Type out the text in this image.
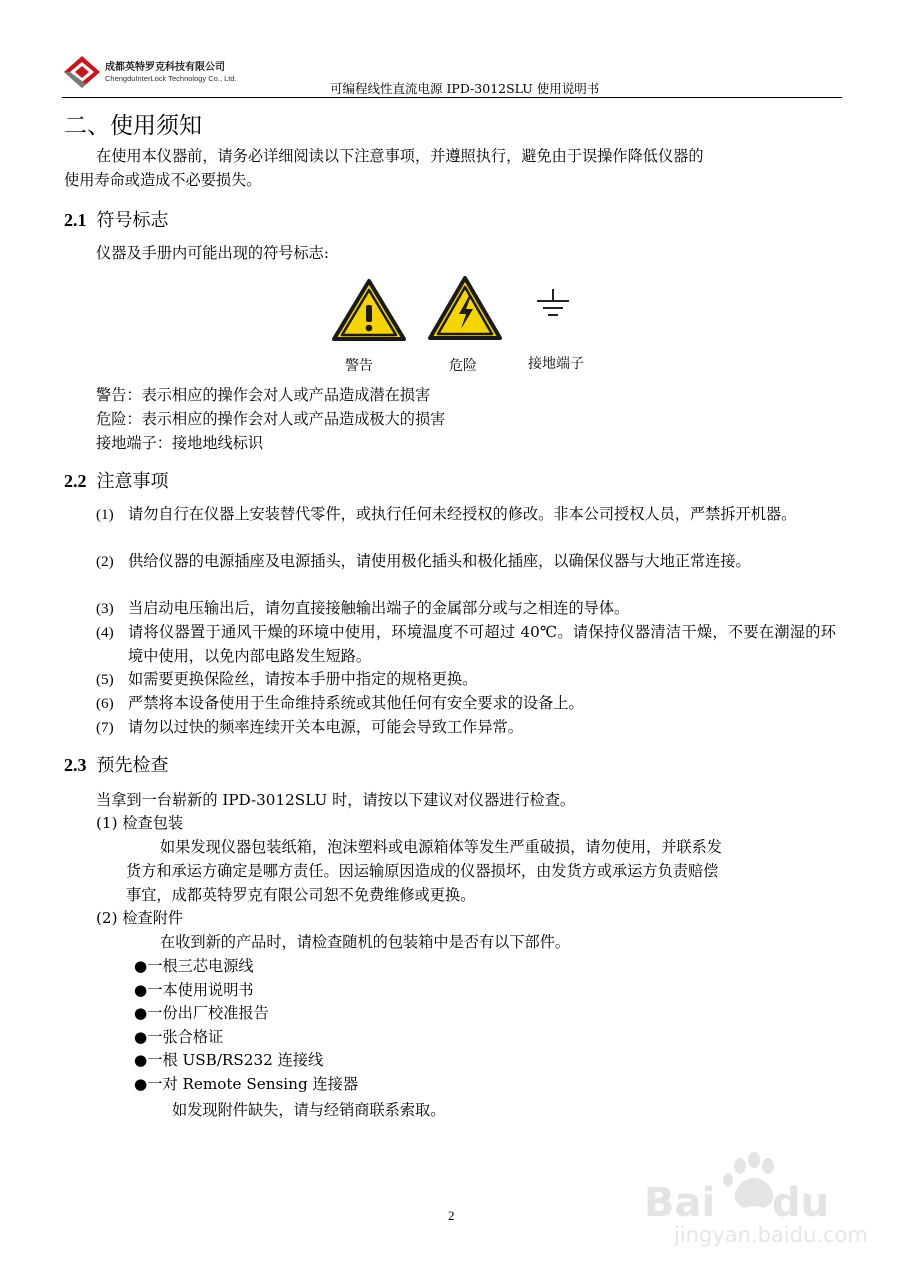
成都英特罗克科技有限公司
ChengduInterLock Technology Co., Ltd.
可编程线性直流电源 IPD-3012SLU 使用说明书
二、使用须知
在使用本仪器前，请务必详细阅读以下注意事项，并遵照执行，避免由于误操作降低仪器的
使用寿命或造成不必要损失。
2.1 符号标志
仪器及手册内可能出现的符号标志:
警告	危险	接地端子
警告：表示相应的操作会对人或产品造成潜在损害
危险：表示相应的操作会对人或产品造成极大的损害
接地端子：接地地线标识
2.2 注意事项
(1) 请勿自行在仪器上安装替代零件，或执行任何未经授权的修改。非本公司授权人员，严禁拆开机器。
(2) 供给仪器的电源插座及电源插头，请使用极化插头和极化插座，以确保仪器与大地正常连接。
(3) 当启动电压输出后，请勿直接接触输出端子的金属部分或与之相连的导体。
(4) 请将仪器置于通风干燥的环境中使用，环境温度不可超过 40℃。请保持仪器清洁干燥，不要在潮湿的环境中使用，以免内部电路发生短路。
(5) 如需要更换保险丝，请按本手册中指定的规格更换。
(6) 严禁将本设备使用于生命维持系统或其他任何有安全要求的设备上。
(7) 请勿以过快的频率连续开关本电源，可能会导致工作异常。
2.3 预先检查
当拿到一台崭新的 IPD-3012SLU 时，请按以下建议对仪器进行检查。
(1) 检查包装
如果发现仪器包装纸箱，泡沫塑料或电源箱体等发生严重破损，请勿使用，并联系发
货方和承运方确定是哪方责任。因运输原因造成的仪器损坏，由发货方或承运方负责赔偿
事宜，成都英特罗克有限公司恕不免费维修或更换。
(2) 检查附件
在收到新的产品时，请检查随机的包装箱中是否有以下部件。
●一根三芯电源线
●一本使用说明书
●一份出厂校准报告
●一张合格证
●一根 USB/RS232 连接线
●一对 Remote Sensing 连接器
如发现附件缺失，请与经销商联系索取。
2	Bai du
jingyan.baidu.com
